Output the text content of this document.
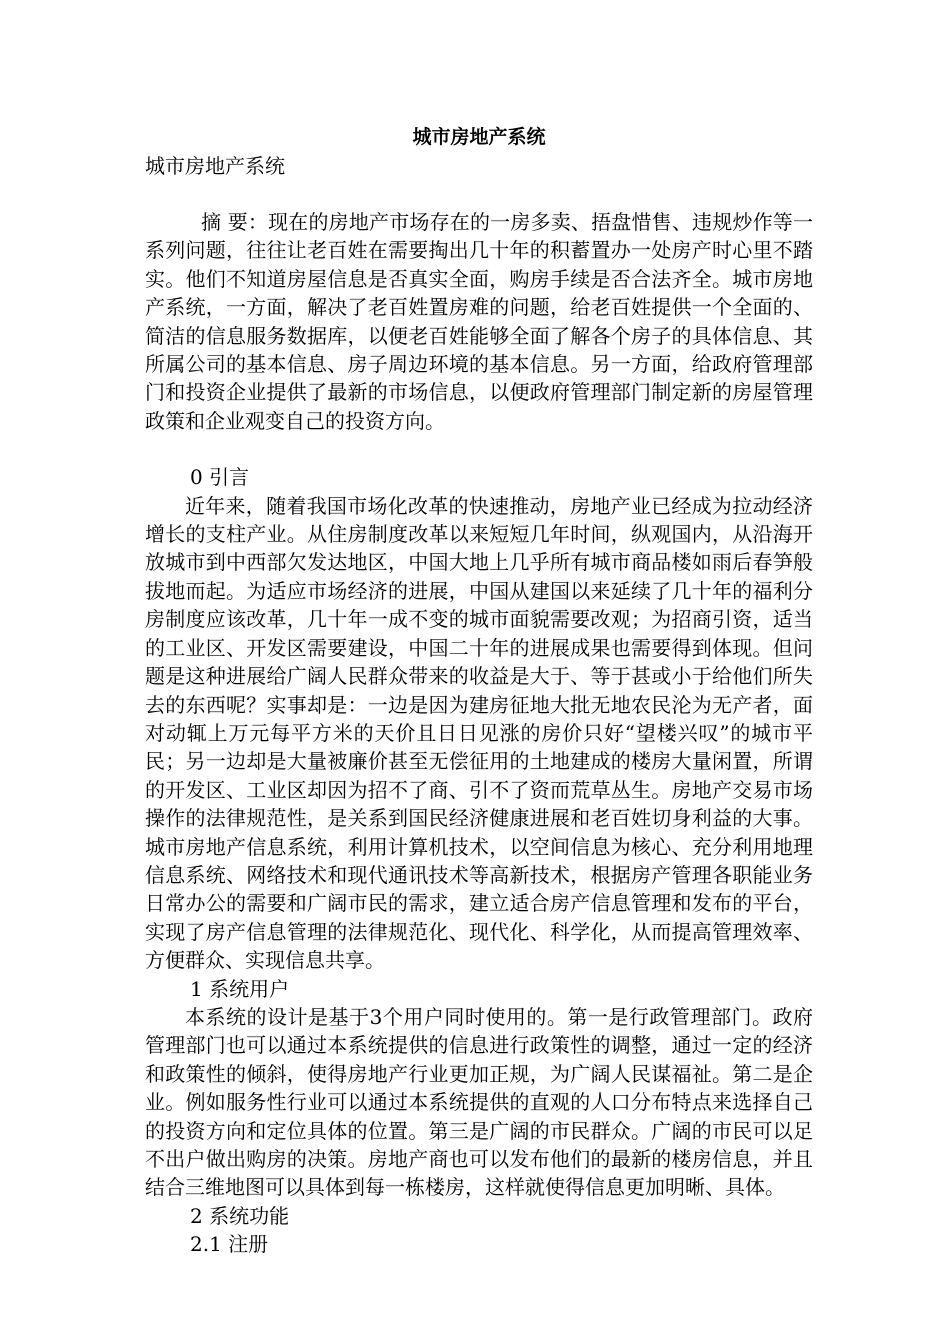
城市房地产系统

城市房地产系统

摘 要：现在的房地产市场存在的一房多卖、捂盘惜售、违规炒作等一系列问题，往往让老百姓在需要掏出几十年的积蓄置办一处房产时心里不踏实。他们不知道房屋信息是否真实全面，购房手续是否合法齐全。城市房地产系统，一方面，解决了老百姓置房难的问题，给老百姓提供一个全面的、简洁的信息服务数据库，以便老百姓能够全面了解各个房子的具体信息、其所属公司的基本信息、房子周边环境的基本信息。另一方面，给政府管理部门和投资企业提供了最新的市场信息，以便政府管理部门制定新的房屋管理政策和企业观变自己的投资方向。

0 引言

近年来，随着我国市场化改革的快速推动，房地产业已经成为拉动经济增长的支柱产业。从住房制度改革以来短短几年时间，纵观国内，从沿海开放城市到中西部欠发达地区，中国大地上几乎所有城市商品楼如雨后春笋般拔地而起。为适应市场经济的进展，中国从建国以来延续了几十年的福利分房制度应该改革，几十年一成不变的城市面貌需要改观；为招商引资，适当的工业区、开发区需要建设，中国二十年的进展成果也需要得到体现。但问题是这种进展给广阔人民群众带来的收益是大于、等于甚或小于给他们所失去的东西呢？实事却是：一边是因为建房征地大批无地农民沦为无产者，面对动辄上万元每平方米的天价且日日见涨的房价只好“望楼兴叹”的城市平民；另一边却是大量被廉价甚至无偿征用的土地建成的楼房大量闲置，所谓的开发区、工业区却因为招不了商、引不了资而荒草丛生。房地产交易市场操作的法律规范性，是关系到国民经济健康进展和老百姓切身利益的大事。城市房地产信息系统，利用计算机技术，以空间信息为核心、充分利用地理信息系统、网络技术和现代通讯技术等高新技术，根据房产管理各职能业务日常办公的需要和广阔市民的需求，建立适合房产信息管理和发布的平台，实现了房产信息管理的法律规范化、现代化、科学化，从而提高管理效率、方便群众、实现信息共享。

1 系统用户

本系统的设计是基于3个用户同时使用的。第一是行政管理部门。政府管理部门也可以通过本系统提供的信息进行政策性的调整，通过一定的经济和政策性的倾斜，使得房地产行业更加正规，为广阔人民谋福祉。第二是企业。例如服务性行业可以通过本系统提供的直观的人口分布特点来选择自己的投资方向和定位具体的位置。第三是广阔的市民群众。广阔的市民可以足不出户做出购房的决策。房地产商也可以发布他们的最新的楼房信息，并且结合三维地图可以具体到每一栋楼房，这样就使得信息更加明晰、具体。

2 系统功能

2.1 注册
